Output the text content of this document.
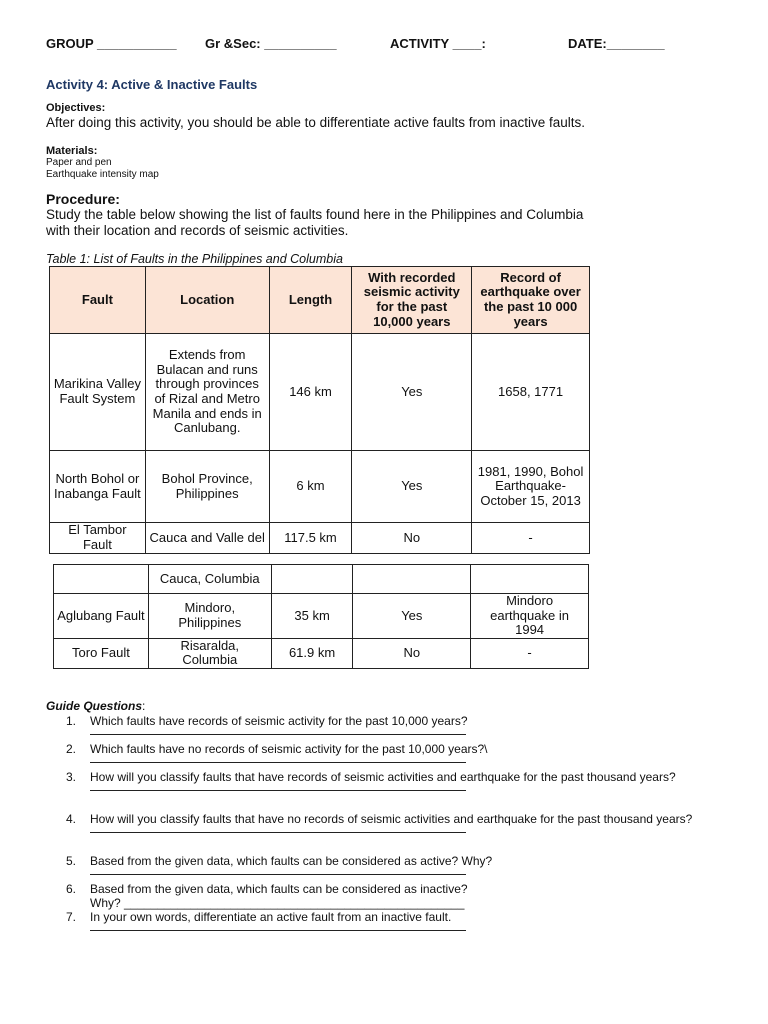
GROUP ___________ Gr &Sec: __________	ACTIVITY ____:	DATE:________
Activity 4: Active & Inactive Faults
Objectives:
After doing this activity, you should be able to differentiate active faults from inactive faults.
Materials:
Paper and pen
Earthquake intensity map
Procedure:
Study the table below showing the list of faults found here in the Philippines and Columbia
with their location and records of seismic activities.
Table 1: List of Faults in the Philippines and Columbia
Fault	Location	Length	With recorded seismic activity for the past 10,000 years	Record of earthquake over the past 10 000 years
Marikina Valley Fault System	Extends from Bulacan and runs through provinces of Rizal and Metro Manila and ends in Canlubang.	146 km	Yes	1658, 1771
North Bohol or Inabanga Fault	Bohol Province, Philippines	6 km	Yes	1981, 1990, Bohol Earthquake- October 15, 2013
El Tambor Fault	Cauca and Valle del	117.5 km	No	-
	Cauca, Columbia			
Aglubang Fault	Mindoro, Philippines	35 km	Yes	Mindoro earthquake in 1994
Toro Fault	Risaralda, Columbia	61.9 km	No	-
Guide Questions:
1.	Which faults have records of seismic activity for the past 10,000 years?
2.	Which faults have no records of seismic activity for the past 10,000 years?\
3.	How will you classify faults that have records of seismic activities and earthquake for the past thousand years?
4.	How will you classify faults that have no records of seismic activities and earthquake for the past thousand years?
5.	Based from the given data, which faults can be considered as active? Why?
6.	Based from the given data, which faults can be considered as inactive?
Why? ___________________________________________________
7.	In your own words, differentiate an active fault from an inactive fault.
